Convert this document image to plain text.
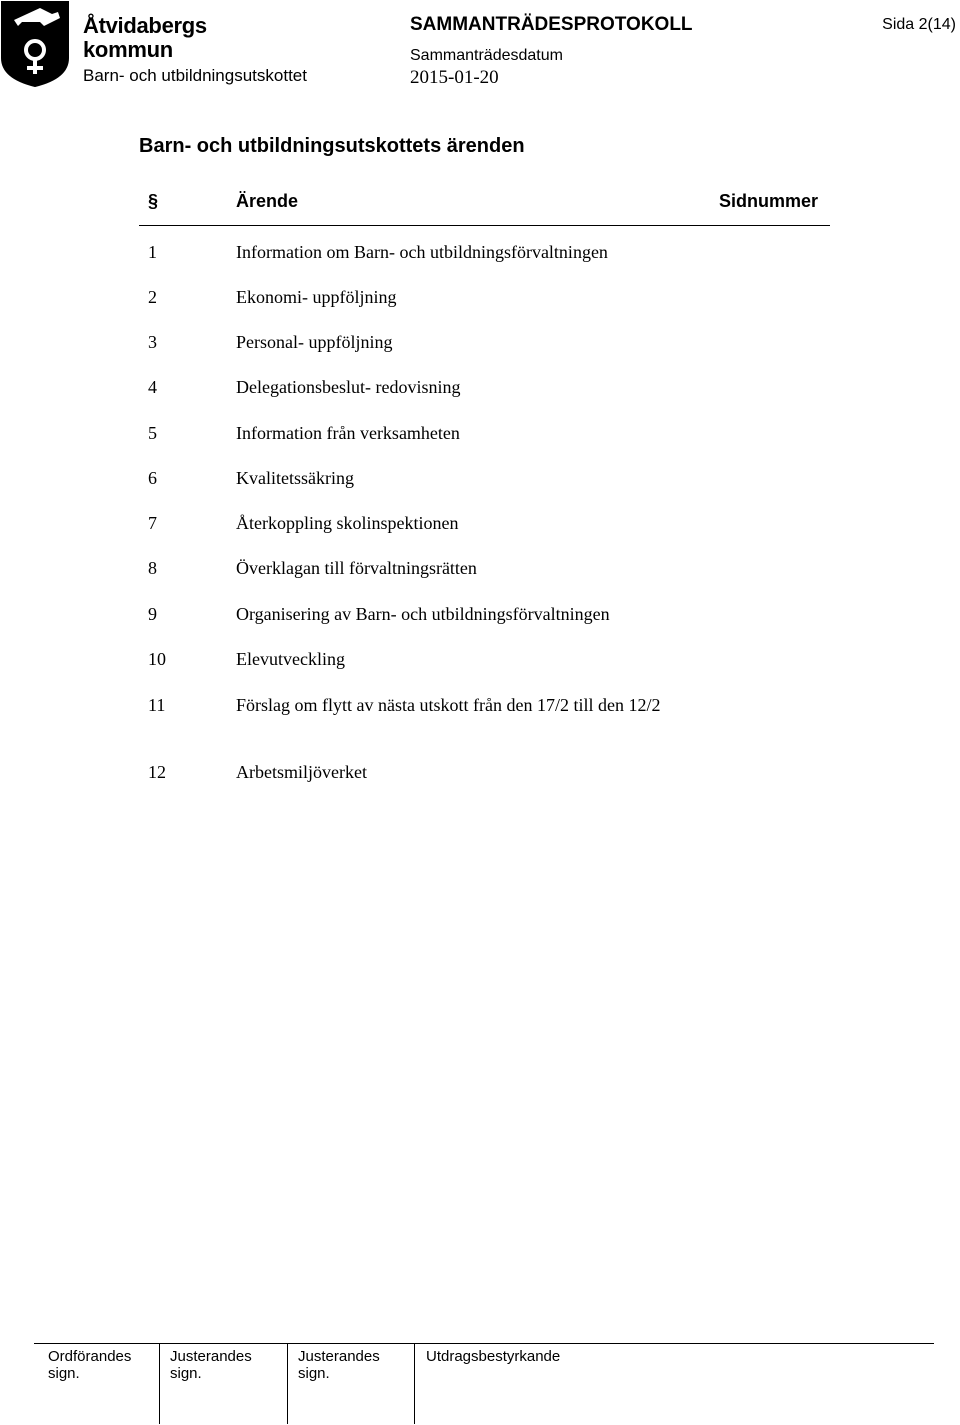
Åtvidabergs
kommun
Barn- och utbildningsutskottet
SAMMANTRÄDESPROTOKOLL
Sammanträdesdatum
2015-01-20
Sida 2(14)
Barn- och utbildningsutskottets ärenden
§	Ärende	Sidnummer
1	Information om Barn- och utbildningsförvaltningen
2	Ekonomi- uppföljning
3	Personal- uppföljning
4	Delegationsbeslut- redovisning
5	Information från verksamheten
6	Kvalitetssäkring
7	Återkoppling skolinspektionen
8	Överklagan till förvaltningsrätten
9	Organisering av Barn- och utbildningsförvaltningen
10	Elevutveckling
11	Förslag om flytt av nästa utskott från den 17/2 till den 12/2
12	Arbetsmiljöverket
Ordförandes sign.
Justerandes
sign.
Justerandes
sign.
Utdragsbestyrkande
